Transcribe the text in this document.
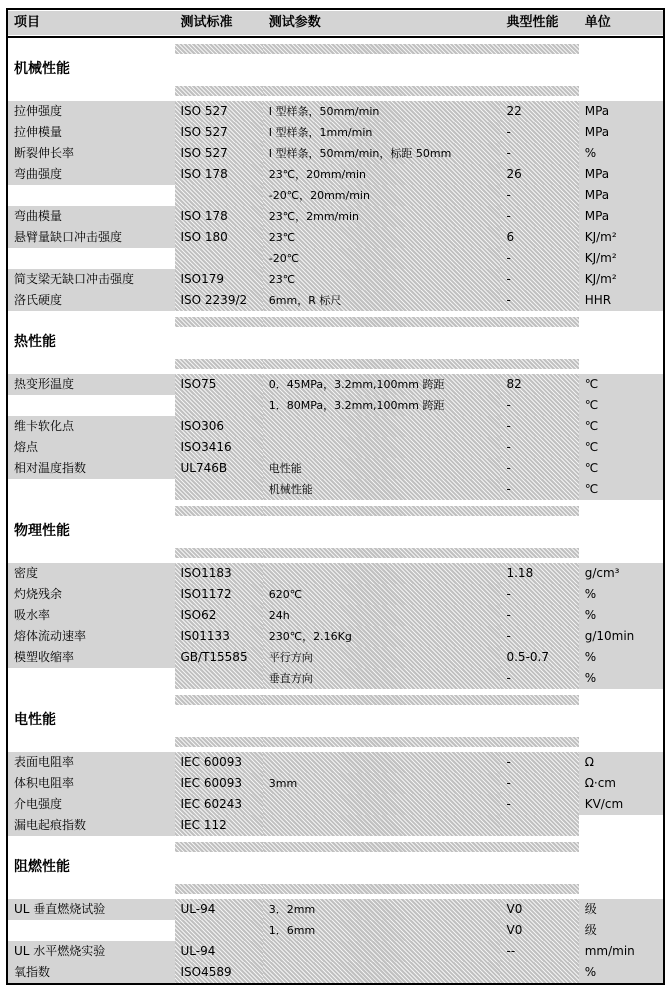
项目	测试标准	测试参数	典型性能	单位

机械性能				

拉伸强度	ISO 527	I 型样条，50mm/min	22	MPa

拉伸模量	ISO 527	I 型样条，1mm/min	-	MPa

断裂伸长率	ISO 527	I 型样条，50mm/min，标距 50mm	-	%

弯曲强度	ISO 178	23℃，20mm/min	26	MPa

		-20℃，20mm/min	-	MPa

弯曲模量	ISO 178	23℃，2mm/min	-	MPa

悬臂量缺口冲击强度	ISO 180	23℃	6	KJ/m²

		-20℃	-	KJ/m²

简支梁无缺口冲击强度	ISO179	23℃	-	KJ/m²

洛氏硬度	ISO 2239/2	6mm，R 标尺	-	HHR

热性能				

热变形温度	ISO75	0．45MPa，3.2mm,100mm 跨距	82	℃

		1．80MPa，3.2mm,100mm 跨距	-	℃

维卡软化点	ISO306		-	℃

熔点	ISO3416		-	℃

相对温度指数	UL746B	电性能	-	℃

		机械性能	-	℃

物理性能				

密度	ISO1183		1.18	g/cm³

灼烧残余	ISO1172	620℃	-	%

吸水率	ISO62	24h	-	%

熔体流动速率	IS01133	230℃，2.16Kg	-	g/10min

模塑收缩率	GB/T15585	平行方向	0.5-0.7	%

		垂直方向	-	%

电性能				

表面电阻率	IEC 60093		-	Ω

体积电阻率	IEC 60093	3mm	-	Ω·cm

介电强度	IEC 60243		-	KV/cm

漏电起痕指数	IEC 112			

阻燃性能				

UL 垂直燃烧试验	UL-94	3．2mm	V0	级

		1．6mm	V0	级

UL 水平燃烧实验	UL-94		--	mm/min

氧指数	ISO4589			%
